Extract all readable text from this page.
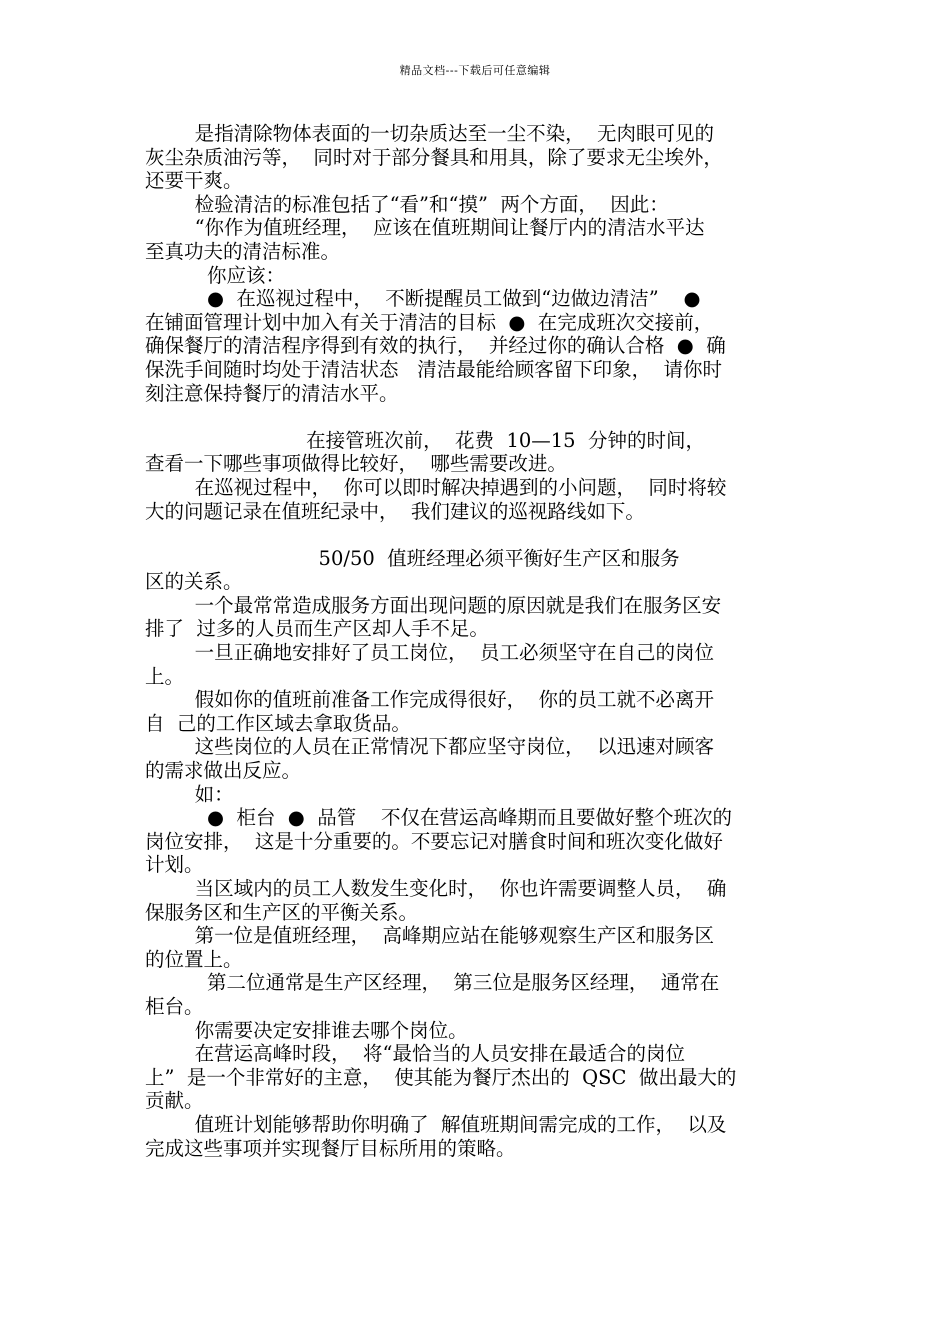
精品文档---下载后可任意编辑
是指清除物体表面的一切杂质达至一尘不染，  无肉眼可见的
灰尘杂质油污等，  同时对于部分餐具和用具，除了要求无尘埃外，
还要干爽。
检验清洁的标准包括了“看”和“摸”  两个方面，  因此：
“你作为值班经理，  应该在值班期间让餐厅内的清洁水平达
至真功夫的清洁标准。
你应该：
●  在巡视过程中，  不断提醒员工做到“边做边清洁”    ●
在铺面管理计划中加入有关于清洁的目标  ●  在完成班次交接前，
确保餐厅的清洁程序得到有效的执行，  并经过你的确认合格  ●  确
保洗手间随时均处于清洁状态   清洁最能给顾客留下印象，  请你时
刻注意保持餐厅的清洁水平。
在接管班次前，  花费  10—15  分钟的时间，
查看一下哪些事项做得比较好，  哪些需要改进。
在巡视过程中，  你可以即时解决掉遇到的小问题，  同时将较
大的问题记录在值班纪录中，  我们建议的巡视路线如下。
50/50  值班经理必须平衡好生产区和服务
区的关系。
一个最常常造成服务方面出现问题的原因就是我们在服务区安
排了  过多的人员而生产区却人手不足。
一旦正确地安排好了员工岗位，  员工必须坚守在自己的岗位
上。
假如你的值班前准备工作完成得很好，  你的员工就不必离开
自  己的工作区域去拿取货品。
这些岗位的人员在正常情况下都应坚守岗位，  以迅速对顾客
的需求做出反应。
如：
●  柜台  ●  品管    不仅在营运高峰期而且要做好整个班次的
岗位安排，  这是十分重要的。不要忘记对膳食时间和班次变化做好
计划。
当区域内的员工人数发生变化时，  你也许需要调整人员，  确
保服务区和生产区的平衡关系。
第一位是值班经理，  高峰期应站在能够观察生产区和服务区
的位置上。
第二位通常是生产区经理，  第三位是服务区经理，  通常在
柜台。
你需要决定安排谁去哪个岗位。
在营运高峰时段，  将“最恰当的人员安排在最适合的岗位
上”  是一个非常好的主意，  使其能为餐厅杰出的  QSC  做出最大的
贡献。
值班计划能够帮助你明确了  解值班期间需完成的工作，  以及
完成这些事项并实现餐厅目标所用的策略。
